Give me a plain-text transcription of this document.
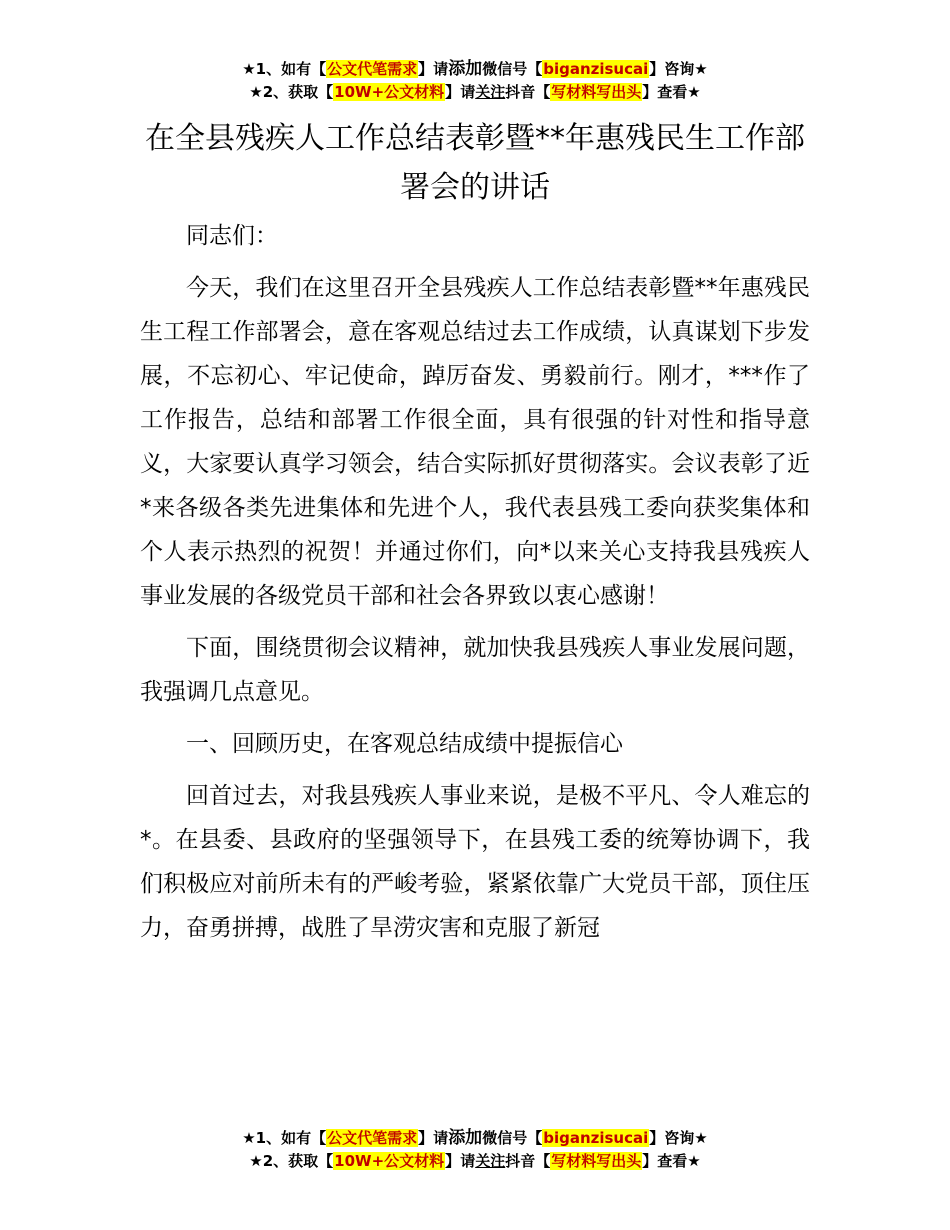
★1、如有【公文代笔需求】请添加微信号【biganzisucai】咨询★
★2、获取【10W+公文材料】请关注抖音【写材料写出头】查看★
在全县残疾人工作总结表彰暨**年惠残民生工作部署会的讲话

同志们：

今天，我们在这里召开全县残疾人工作总结表彰暨**年惠残民生工程工作部署会，意在客观总结过去工作成绩，认真谋划下步发展，不忘初心、牢记使命，踔厉奋发、勇毅前行。刚才，***作了工作报告，总结和部署工作很全面，具有很强的针对性和指导意义，大家要认真学习领会，结合实际抓好贯彻落实。会议表彰了近*来各级各类先进集体和先进个人，我代表县残工委向获奖集体和个人表示热烈的祝贺！并通过你们，向*以来关心支持我县残疾人事业发展的各级党员干部和社会各界致以衷心感谢！

下面，围绕贯彻会议精神，就加快我县残疾人事业发展问题，我强调几点意见。

一、回顾历史，在客观总结成绩中提振信心

回首过去，对我县残疾人事业来说，是极不平凡、令人难忘的*。在县委、县政府的坚强领导下，在县残工委的统筹协调下，我们积极应对前所未有的严峻考验，紧紧依靠广大党员干部，顶住压力，奋勇拼搏，战胜了旱涝灾害和克服了新冠

★1、如有【公文代笔需求】请添加微信号【biganzisucai】咨询★
★2、获取【10W+公文材料】请关注抖音【写材料写出头】查看★
